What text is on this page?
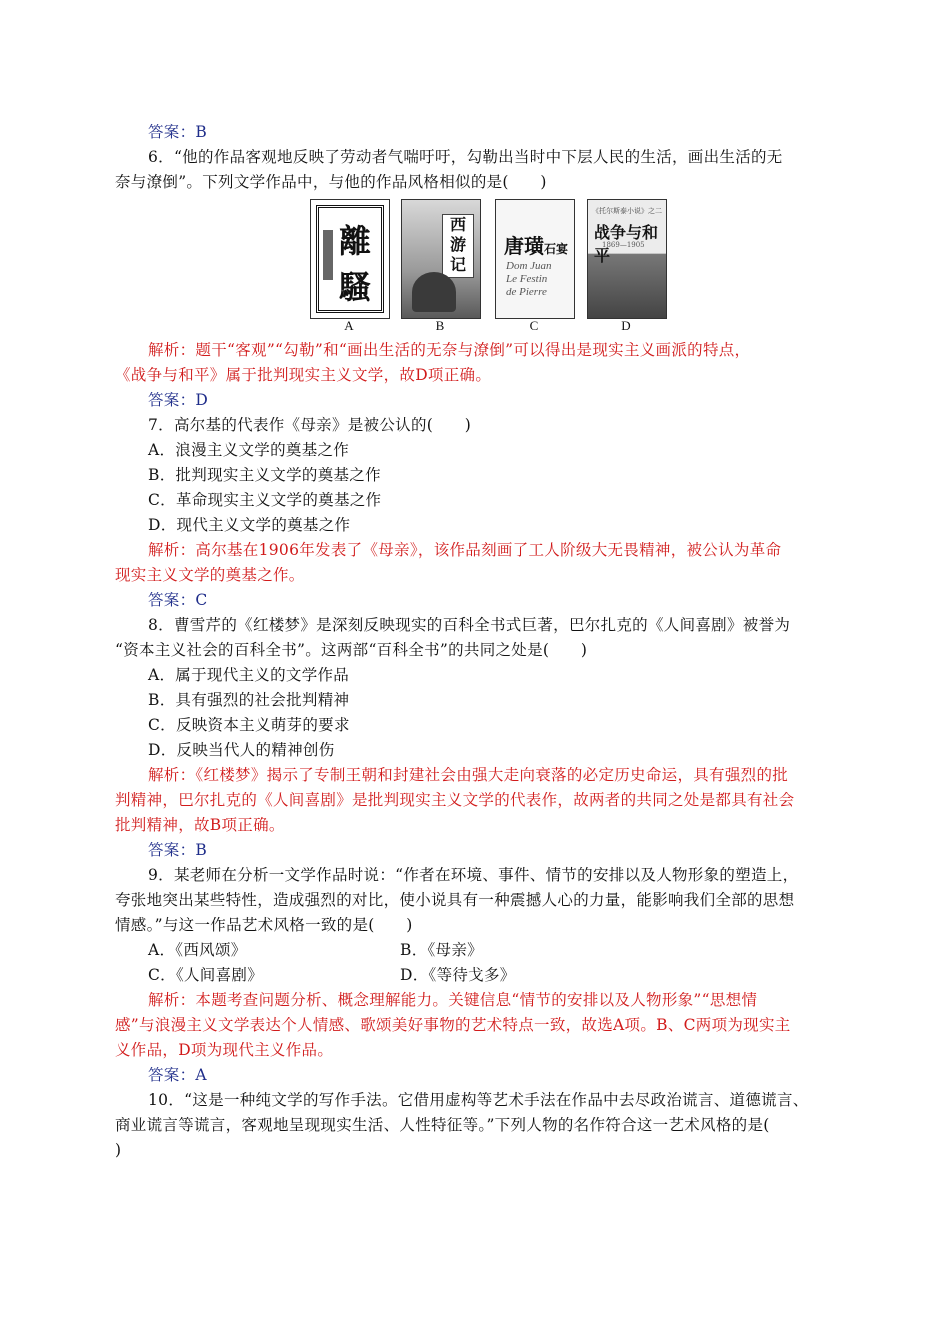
答案：B
6．“他的作品客观地反映了劳动者气喘吁吁，勾勒出当时中下层人民的生活，画出生活的无
奈与潦倒”。下列文学作品中，与他的作品风格相似的是(　　)
離
騷
A
西游记
B
唐璜石宴
Dom Juan
Le Festin
de Pierre
C
《托尔斯泰小说》之二
战争与和平
1869—1905
D
解析：题干“客观”“勾勒”和“画出生活的无奈与潦倒”可以得出是现实主义画派的特点，
《战争与和平》属于批判现实主义文学，故D项正确。
答案：D
7．高尔基的代表作《母亲》是被公认的(　　)
A．浪漫主义文学的奠基之作
B．批判现实主义文学的奠基之作
C．革命现实主义文学的奠基之作
D．现代主义文学的奠基之作
解析：高尔基在1906年发表了《母亲》，该作品刻画了工人阶级大无畏精神，被公认为革命
现实主义文学的奠基之作。
答案：C
8．曹雪芹的《红楼梦》是深刻反映现实的百科全书式巨著，巴尔扎克的《人间喜剧》被誉为
“资本主义社会的百科全书”。这两部“百科全书”的共同之处是(　　)
A．属于现代主义的文学作品
B．具有强烈的社会批判精神
C．反映资本主义萌芽的要求
D．反映当代人的精神创伤
解析：《红楼梦》揭示了专制王朝和封建社会由强大走向衰落的必定历史命运，具有强烈的批
判精神，巴尔扎克的《人间喜剧》是批判现实主义文学的代表作，故两者的共同之处是都具有社会
批判精神，故B项正确。
答案：B
9．某老师在分析一文学作品时说：“作者在环境、事件、情节的安排以及人物形象的塑造上，
夸张地突出某些特性，造成强烈的对比，使小说具有一种震撼人心的力量，能影响我们全部的思想
情感。”与这一作品艺术风格一致的是(　　)
A．《西风颂》	B．《母亲》
C．《人间喜剧》	D．《等待戈多》
解析：本题考查问题分析、概念理解能力。关键信息“情节的安排以及人物形象”“思想情
感”与浪漫主义文学表达个人情感、歌颂美好事物的艺术特点一致，故选A项。B、C两项为现实主
义作品，D项为现代主义作品。
答案：A
10．“这是一种纯文学的写作手法。它借用虚构等艺术手法在作品中去尽政治谎言、道德谎言、
商业谎言等谎言，客观地呈现现实生活、人性特征等。”下列人物的名作符合这一艺术风格的是(
)
